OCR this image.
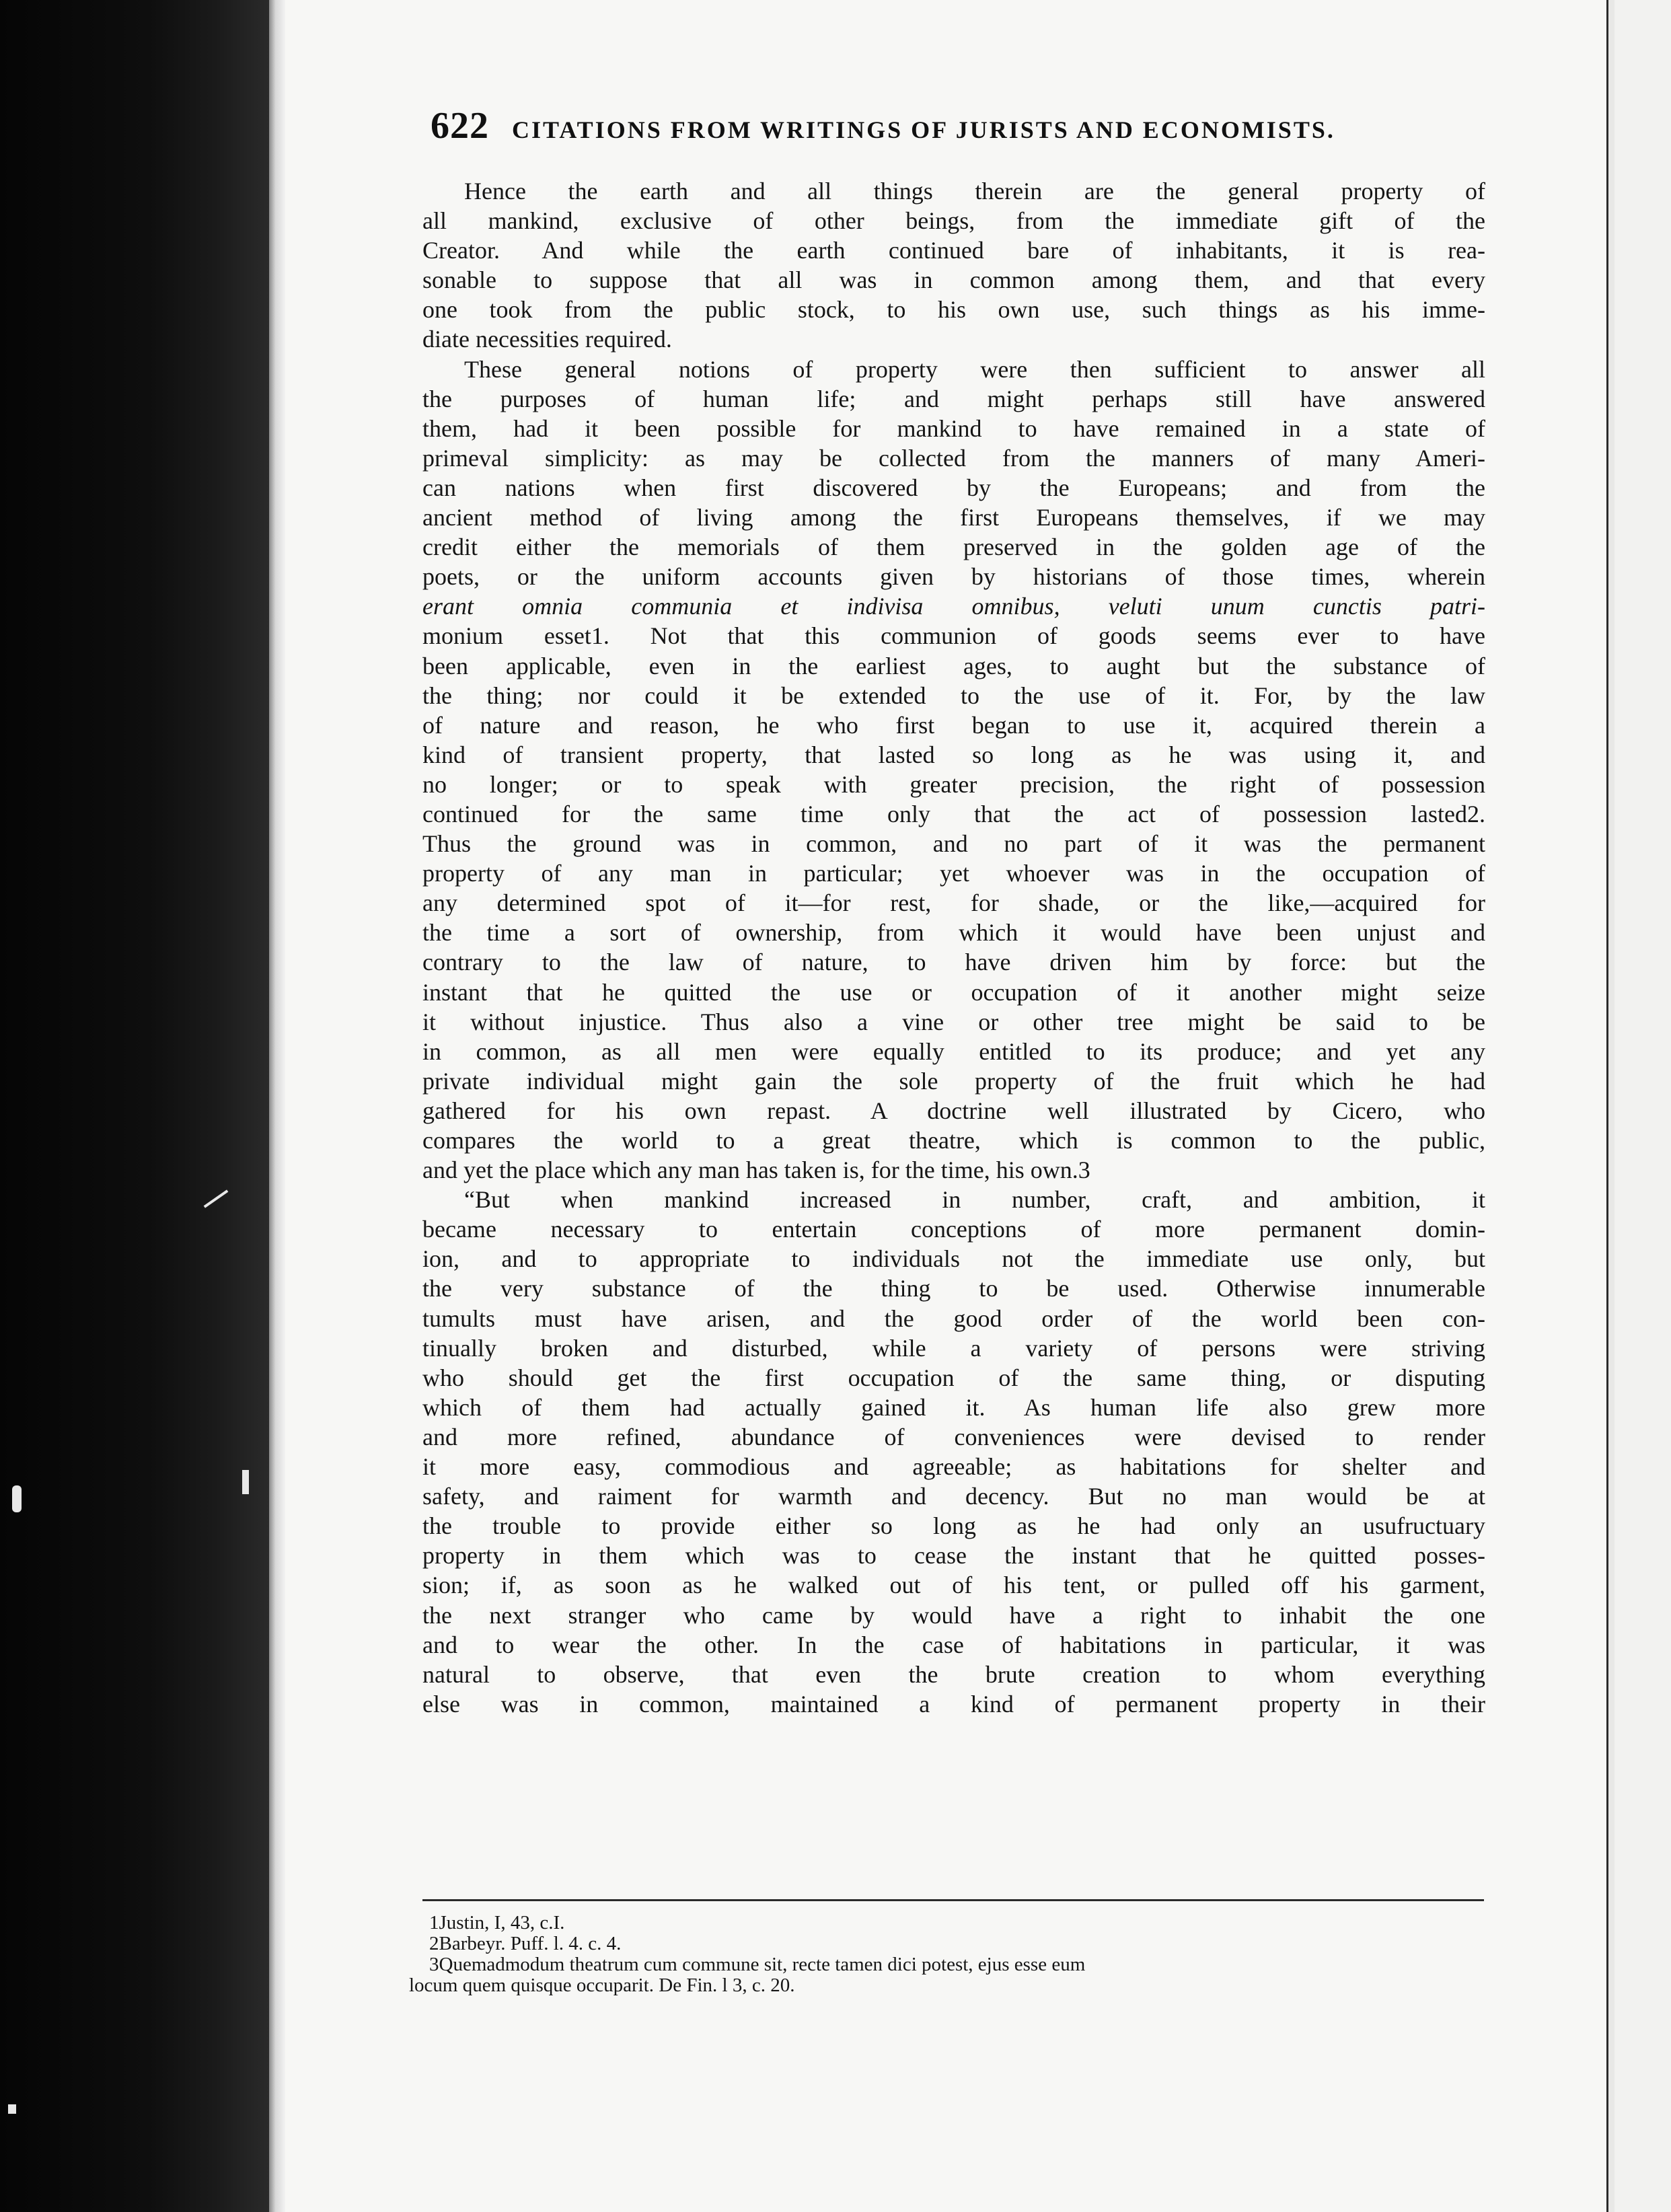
622 CITATIONS FROM WRITINGS OF JURISTS AND ECONOMISTS.
Hence the earth and all things therein are the general property of
all mankind, exclusive of other beings, from the immediate gift of the
Creator. And while the earth continued bare of inhabitants, it is rea-
sonable to suppose that all was in common among them, and that every
one took from the public stock, to his own use, such things as his imme-
diate necessities required.
These general notions of property were then sufficient to answer all
the purposes of human life; and might perhaps still have answered
them, had it been possible for mankind to have remained in a state of
primeval simplicity: as may be collected from the manners of many Ameri-
can nations when first discovered by the Europeans; and from the
ancient method of living among the first Europeans themselves, if we may
credit either the memorials of them preserved in the golden age of the
poets, or the uniform accounts given by historians of those times, wherein
erant omnia communia et indivisa omnibus, veluti unum cunctis patri-
monium esset1. Not that this communion of goods seems ever to have
been applicable, even in the earliest ages, to aught but the substance of
the thing; nor could it be extended to the use of it. For, by the law
of nature and reason, he who first began to use it, acquired therein a
kind of transient property, that lasted so long as he was using it, and
no longer; or to speak with greater precision, the right of possession
continued for the same time only that the act of possession lasted2.
Thus the ground was in common, and no part of it was the permanent
property of any man in particular; yet whoever was in the occupation of
any determined spot of it—for rest, for shade, or the like,—acquired for
the time a sort of ownership, from which it would have been unjust and
contrary to the law of nature, to have driven him by force: but the
instant that he quitted the use or occupation of it another might seize
it without injustice. Thus also a vine or other tree might be said to be
in common, as all men were equally entitled to its produce; and yet any
private individual might gain the sole property of the fruit which he had
gathered for his own repast. A doctrine well illustrated by Cicero, who
compares the world to a great theatre, which is common to the public,
and yet the place which any man has taken is, for the time, his own.3
“But when mankind increased in number, craft, and ambition, it
became necessary to entertain conceptions of more permanent domin-
ion, and to appropriate to individuals not the immediate use only, but
the very substance of the thing to be used. Otherwise innumerable
tumults must have arisen, and the good order of the world been con-
tinually broken and disturbed, while a variety of persons were striving
who should get the first occupation of the same thing, or disputing
which of them had actually gained it. As human life also grew more
and more refined, abundance of conveniences were devised to render
it more easy, commodious and agreeable; as habitations for shelter and
safety, and raiment for warmth and decency. But no man would be at
the trouble to provide either so long as he had only an usufructuary
property in them which was to cease the instant that he quitted posses-
sion; if, as soon as he walked out of his tent, or pulled off his garment,
the next stranger who came by would have a right to inhabit the one
and to wear the other. In the case of habitations in particular, it was
natural to observe, that even the brute creation to whom everything
else was in common, maintained a kind of permanent property in their
1Justin, I, 43, c.I.
2Barbeyr. Puff. l. 4. c. 4.
3Quemadmodum theatrum cum commune sit, recte tamen dici potest, ejus esse eum
locum quem quisque occuparit. De Fin. l 3, c. 20.
